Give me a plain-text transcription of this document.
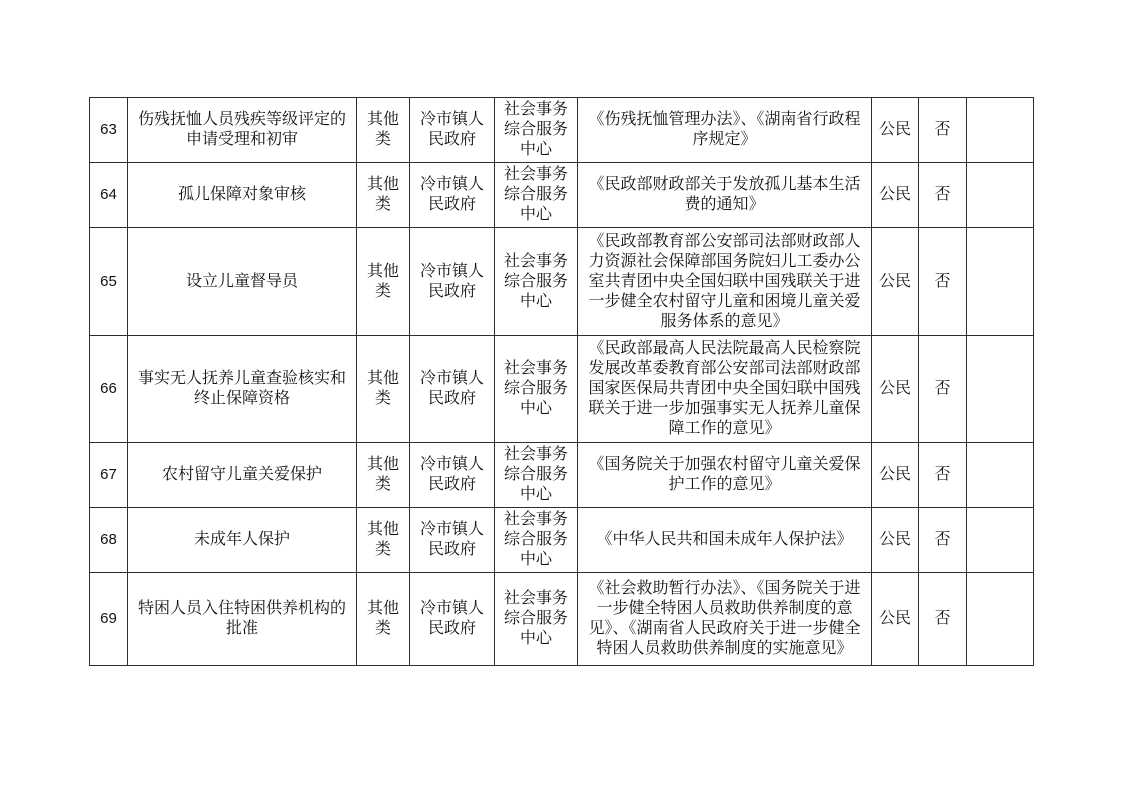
63	伤残抚恤人员残疾等级评定的申请受理和初审	其他类	冷市镇人民政府	社会事务综合服务中心	《伤残抚恤管理办法》、《湖南省行政程序规定》	公民	否	
64	孤儿保障对象审核	其他类	冷市镇人民政府	社会事务综合服务中心	《民政部财政部关于发放孤儿基本生活费的通知》	公民	否	
65	设立儿童督导员	其他类	冷市镇人民政府	社会事务综合服务中心	《民政部教育部公安部司法部财政部人力资源社会保障部国务院妇儿工委办公室共青团中央全国妇联中国残联关于进一步健全农村留守儿童和困境儿童关爱服务体系的意见》	公民	否	
66	事实无人抚养儿童查验核实和终止保障资格	其他类	冷市镇人民政府	社会事务综合服务中心	《民政部最高人民法院最高人民检察院发展改革委教育部公安部司法部财政部国家医保局共青团中央全国妇联中国残联关于进一步加强事实无人抚养儿童保障工作的意见》	公民	否	
67	农村留守儿童关爱保护	其他类	冷市镇人民政府	社会事务综合服务中心	《国务院关于加强农村留守儿童关爱保护工作的意见》	公民	否	
68	未成年人保护	其他类	冷市镇人民政府	社会事务综合服务中心	《中华人民共和国未成年人保护法》	公民	否	
69	特困人员入住特困供养机构的批准	其他类	冷市镇人民政府	社会事务综合服务中心	《社会救助暂行办法》、《国务院关于进一步健全特困人员救助供养制度的意见》、《湖南省人民政府关于进一步健全特困人员救助供养制度的实施意见》	公民	否	
